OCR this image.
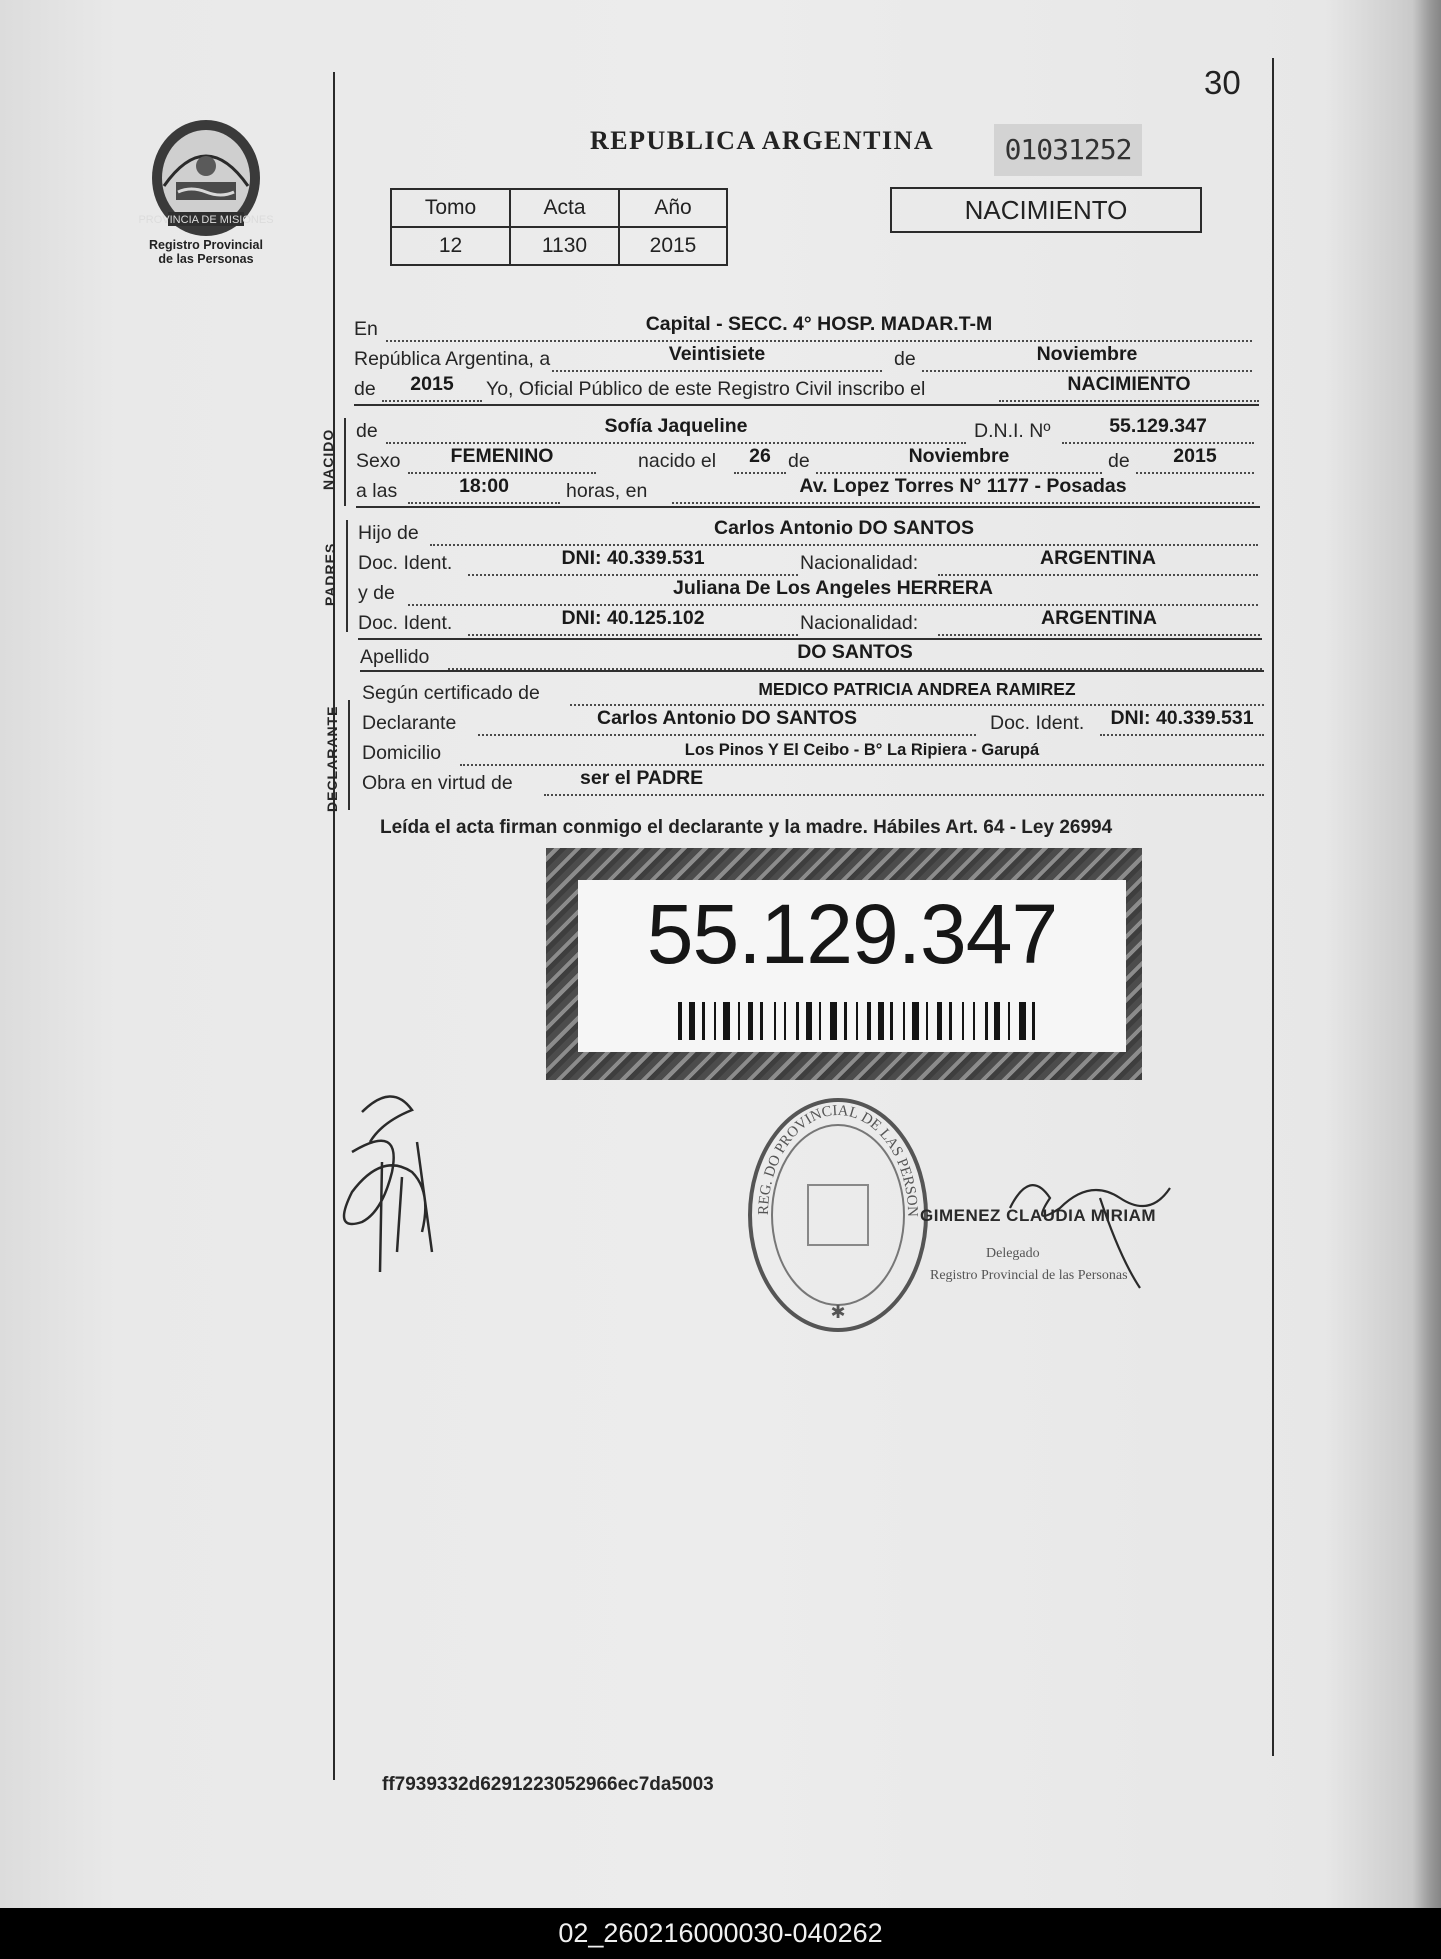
30
PROVINCIA DE MISIONES
Registro Provincial
de las Personas
REPUBLICA ARGENTINA	01031252
Tomo	Acta	Año
12	1130	2015
NACIMIENTO
En	Capital - SECC. 4° HOSP. MADAR.T-M
República Argentina, a	Veintisiete	de	Noviembre
de	2015	Yo, Oficial Público de este Registro Civil inscribo el	NACIMIENTO
NACIDO de	Sofía Jaqueline	D.N.I. Nº	55.129.347
Sexo	FEMENINO	nacido el	26 de	Noviembre	de	2015
a las	18:00	horas, en	Av. Lopez Torres N° 1177 - Posadas
PADRES
Hijo de	Carlos Antonio DO SANTOS
Doc. Ident.	DNI: 40.339.531	Nacionalidad:	ARGENTINA
y de	Juliana De Los Angeles HERRERA
Doc. Ident.	DNI: 40.125.102	Nacionalidad:	ARGENTINA
Apellido	DO SANTOS
DECLARANTE
Según certificado de	MEDICO PATRICIA ANDREA RAMIREZ
Declarante	Carlos Antonio DO SANTOS	Doc. Ident.	DNI: 40.339.531
Domicilio	Los Pinos Y El Ceibo - B° La Ripiera - Garupá
Obra en virtud de	ser el PADRE
Leída el acta firman conmigo el declarante y la madre. Hábiles Art. 64 - Ley 26994
55.129.347
REG. DO PROVINCIAL DE LAS PERSON
✱
GIMENEZ CLAUDIA MIRIAM
Delegado
Registro Provincial de las Personas
ff7939332d6291223052966ec7da5003
02_260216000030-040262
